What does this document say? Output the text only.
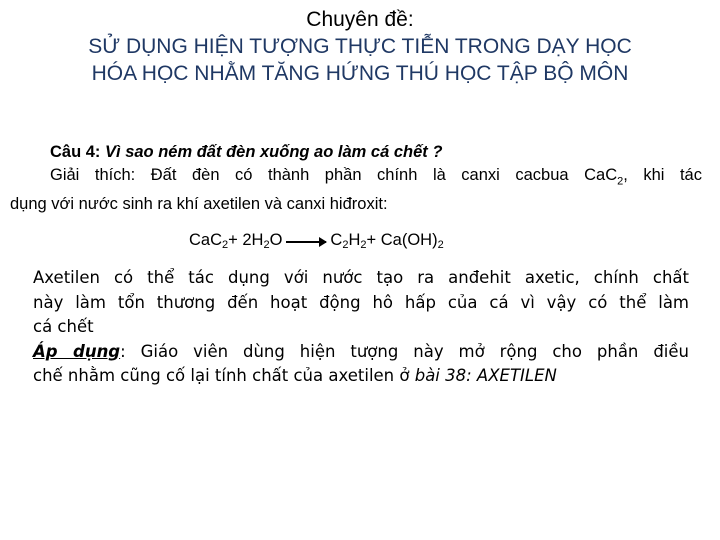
Chuyên đề:
SỬ DỤNG HIỆN TƯỢNG THỰC TIỄN TRONG DẠY HỌC
HÓA HỌC NHẰM TĂNG HỨNG THÚ HỌC TẬP BỘ MÔN
Câu 4: Vì sao ném đất đèn xuống ao làm cá chết ?
Giải thích: Đất đèn có thành phần chính là canxi cacbua CaC$_2$, khi tác
dụng với nước sinh ra khí axetilen và canxi hiđroxit:
$CaC_2 + 2H_2O \to C_2H_2 + Ca(OH)_2$
Axetilen có thể tác dụng với nước tạo ra anđehit axetic, chính chất
này làm tổn thương đến hoạt động hô hấp của cá vì vậy có thể làm
cá chết
Áp dụng: Giáo viên dùng hiện tượng này mở rộng cho phần điều
chế nhằm cũng cố lại tính chất của axetilen ở bài 38: AXETILEN
